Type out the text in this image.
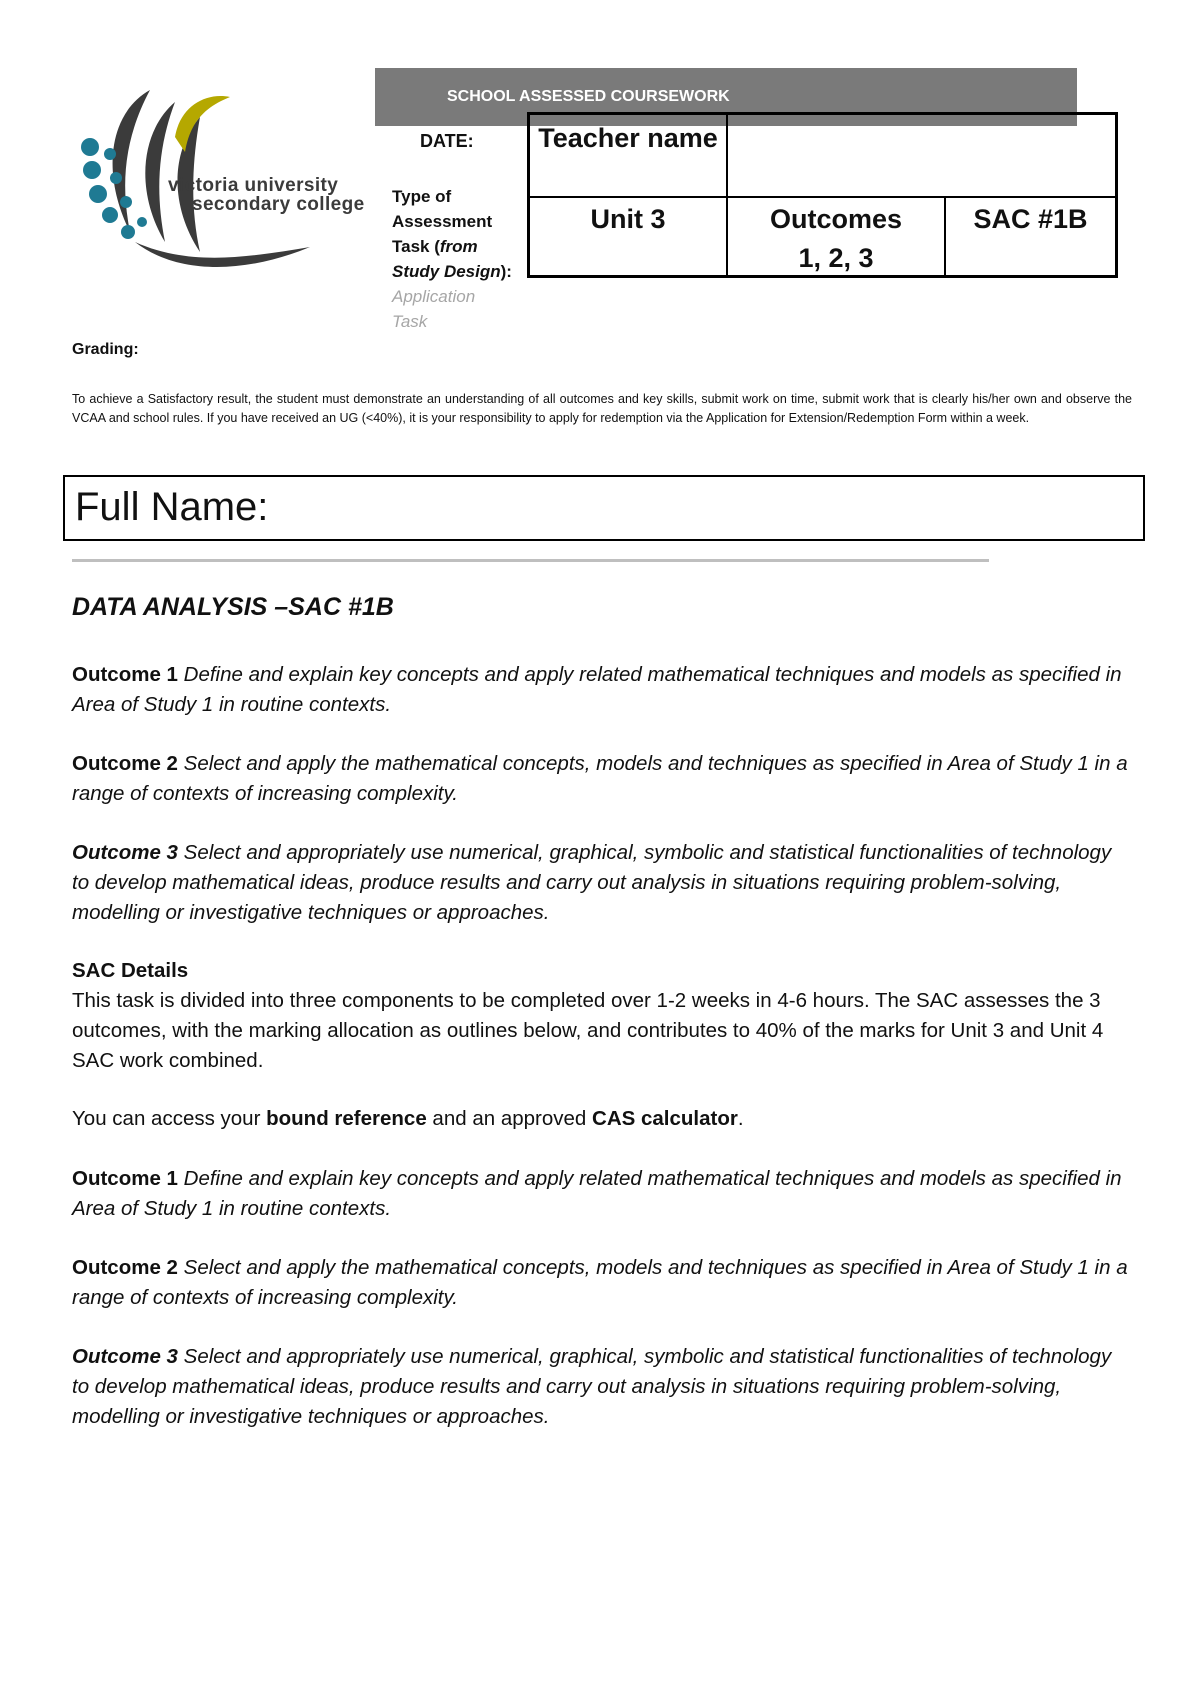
victoria university
secondary college
SCHOOL ASSESSED COURSEWORK
DATE:
Type of Assessment Task (from Study Design): Application Task
Teacher name
Unit 3	Outcomes
1, 2, 3
SAC #1B
Grading:
To achieve a Satisfactory result, the student must demonstrate an understanding of all outcomes and key skills, submit work on time, submit work that is clearly his/her own and observe the VCAA and school rules. If you have received an UG (<40%), it is your responsibility to apply for redemption via the Application for Extension/Redemption Form within a week.
Full Name:
DATA ANALYSIS –SAC #1B
Outcome 1 Define and explain key concepts and apply related mathematical techniques and models as specified in Area of Study 1 in routine contexts.
Outcome 2 Select and apply the mathematical concepts, models and techniques as specified in Area of Study 1 in a range of contexts of increasing complexity.
Outcome 3 Select and appropriately use numerical, graphical, symbolic and statistical functionalities of technology to develop mathematical ideas, produce results and carry out analysis in situations requiring problem-solving, modelling or investigative techniques or approaches.
SAC Details
This task is divided into three components to be completed over 1-2 weeks in 4-6 hours. The SAC assesses the 3 outcomes, with the marking allocation as outlines below, and contributes to 40% of the marks for Unit 3 and Unit 4 SAC work combined.
You can access your bound reference and an approved CAS calculator.
Outcome 1 Define and explain key concepts and apply related mathematical techniques and models as specified in Area of Study 1 in routine contexts.
Outcome 2 Select and apply the mathematical concepts, models and techniques as specified in Area of Study 1 in a range of contexts of increasing complexity.
Outcome 3 Select and appropriately use numerical, graphical, symbolic and statistical functionalities of technology to develop mathematical ideas, produce results and carry out analysis in situations requiring problem-solving, modelling or investigative techniques or approaches.
